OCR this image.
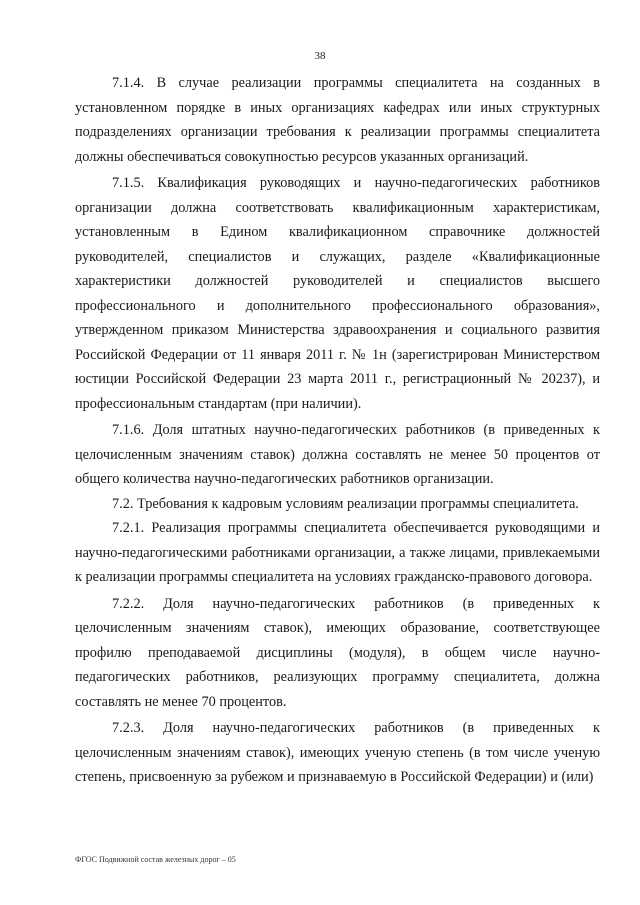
38

7.1.4. В случае реализации программы специалитета на созданных в установленном порядке в иных организациях кафедрах или иных структурных подразделениях организации требования к реализации программы специалитета должны обеспечиваться совокупностью ресурсов указанных организаций.

7.1.5. Квалификация руководящих и научно-педагогических работников организации должна соответствовать квалификационным характеристикам, установленным в Едином квалификационном справочнике должностей руководителей, специалистов и служащих, разделе «Квалификационные характеристики должностей руководителей и специалистов высшего профессионального и дополнительного профессионального образования», утвержденном приказом Министерства здравоохранения и социального развития Российской Федерации от 11 января 2011 г. № 1н (зарегистрирован Министерством юстиции Российской Федерации 23 марта 2011 г., регистрационный № 20237), и профессиональным стандартам (при наличии).

7.1.6. Доля штатных научно-педагогических работников (в приведенных к целочисленным значениям ставок) должна составлять не менее 50 процентов от общего количества научно-педагогических работников организации.

7.2. Требования к кадровым условиям реализации программы специалитета.

7.2.1. Реализация программы специалитета обеспечивается руководящими и научно-педагогическими работниками организации, а также лицами, привлекаемыми к реализации программы специалитета на условиях гражданско-правового договора.

7.2.2. Доля научно-педагогических работников (в приведенных к целочисленным значениям ставок), имеющих образование, соответствующее профилю преподаваемой дисциплины (модуля), в общем числе научно-педагогических работников, реализующих программу специалитета, должна составлять не менее 70 процентов.

7.2.3. Доля научно-педагогических работников (в приведенных к целочисленным значениям ставок), имеющих ученую степень (в том числе ученую степень, присвоенную за рубежом и признаваемую в Российской Федерации) и (или)

ФГОС Подвижной состав железных дорог – 05
